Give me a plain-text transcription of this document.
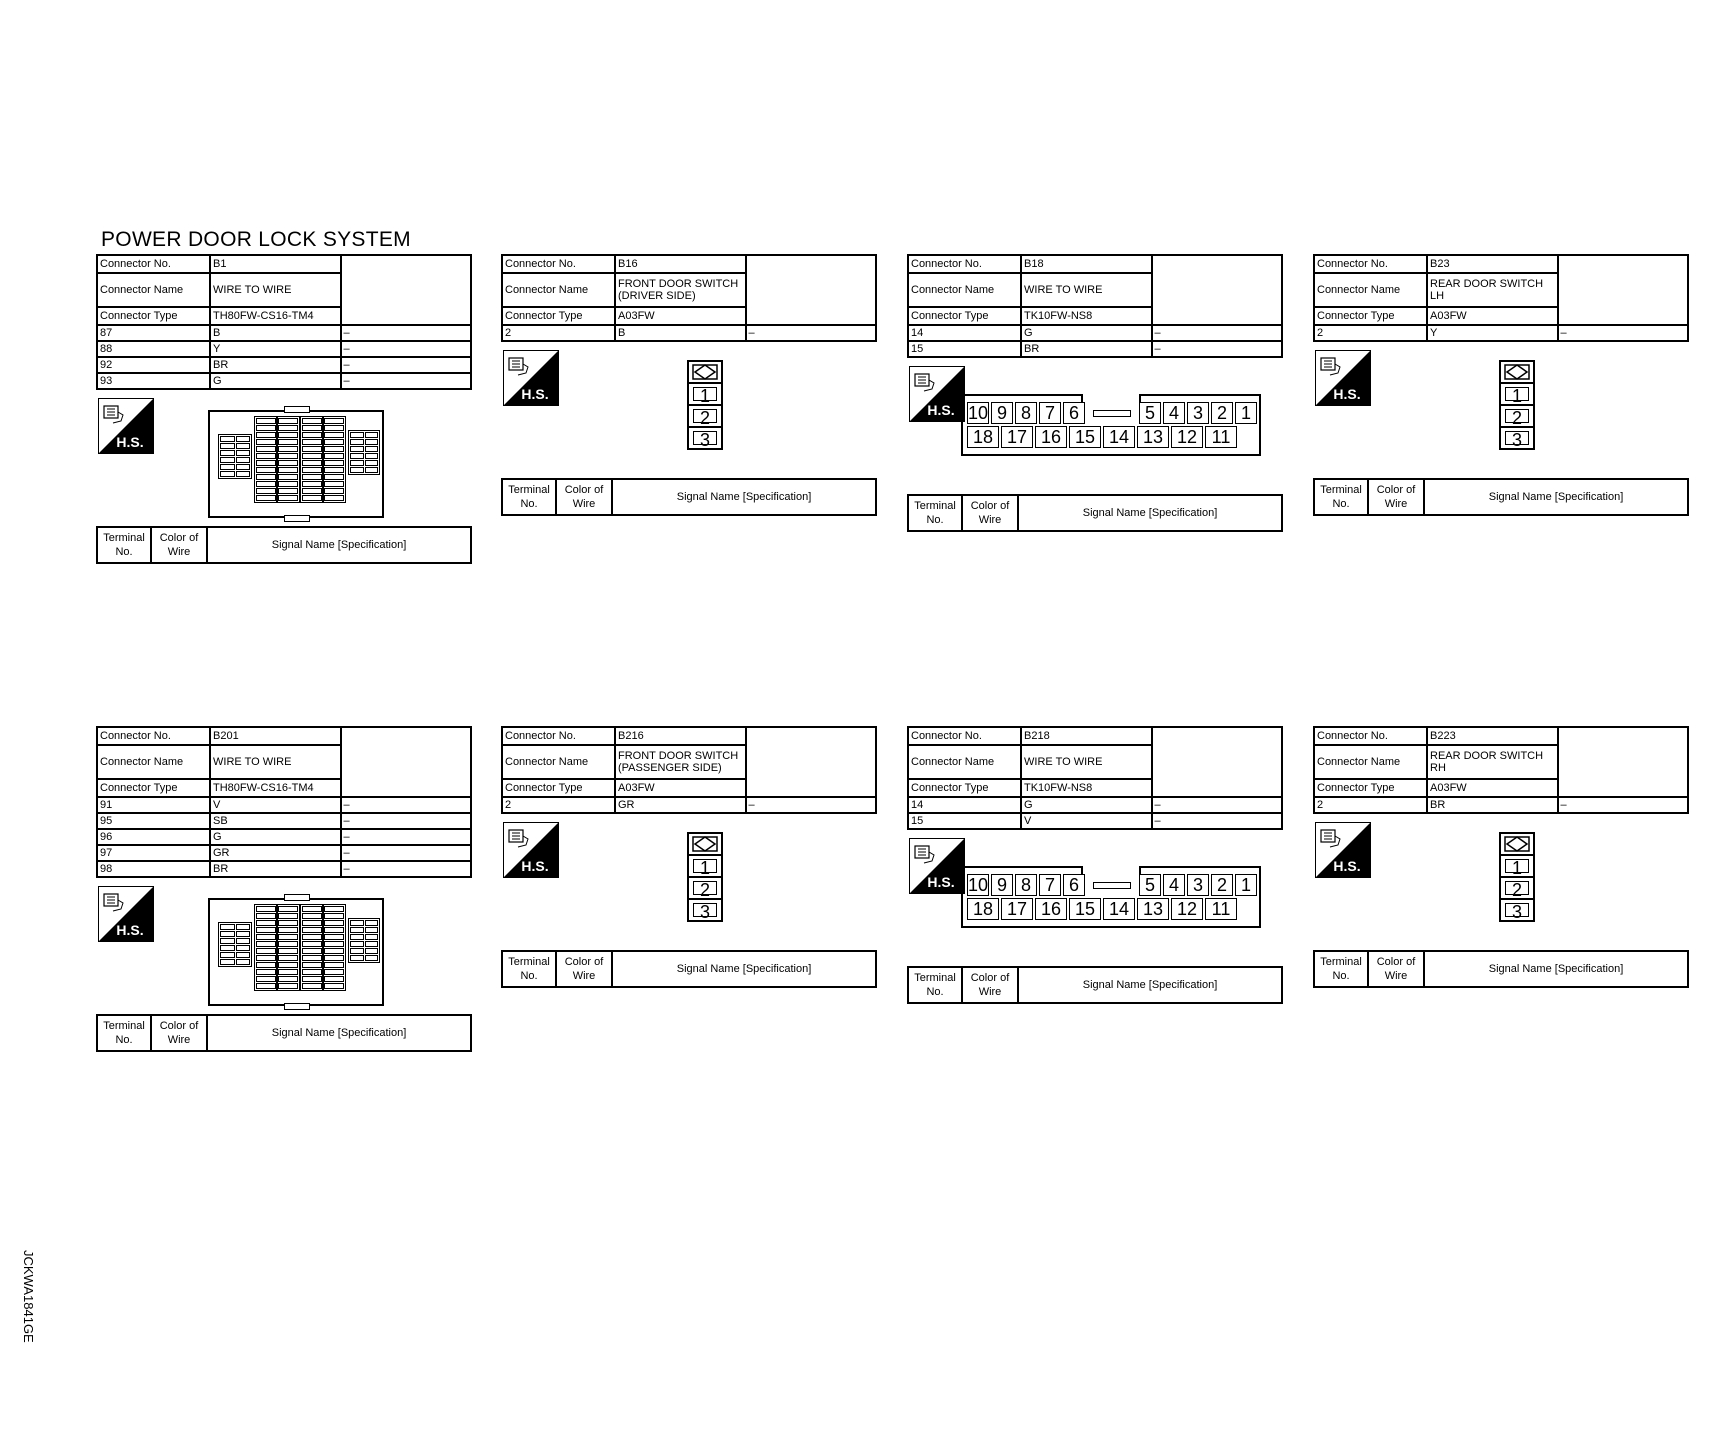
POWER DOOR LOCK SYSTEM
JCKWA1841GE
Connector No.	B1	
Connector Name	WIRE TO WIRE	
Connector Type	TH80FW-CS16-TM4	
87	B	–
88	Y	–
92	BR	–
93	G	–
H.S.
Terminal No.	Color of Wire	Signal Name [Specification]
Connector No.	B16	
Connector Name	FRONT DOOR SWITCH (DRIVER SIDE)	
Connector Type	A03FW	
2	B	–
H.S.	1
2
3
Terminal No.	Color of Wire	Signal Name [Specification]
Connector No.	B18	
Connector Name	WIRE TO WIRE	
Connector Type	TK10FW-NS8	
14	G	–
15	BR	–
H.S. 10 9 8 7 6	5 4 3 2 1
18 17 16 15 14 13 12 11
Terminal No.	Color of Wire	Signal Name [Specification]
Connector No.	B23	
Connector Name	REAR DOOR SWITCH LH	
Connector Type	A03FW	
2	Y	–
H.S.	1
2
3
Terminal No.	Color of Wire	Signal Name [Specification]
Connector No.	B201	
Connector Name	WIRE TO WIRE	
Connector Type	TH80FW-CS16-TM4	
91	V	–
95	SB	–
96	G	–
97	GR	–
98	BR	–
H.S.
Terminal No.	Color of Wire	Signal Name [Specification]
Connector No.	B216	
Connector Name	FRONT DOOR SWITCH (PASSENGER SIDE)	
Connector Type	A03FW	
2	GR	–
H.S.	1
2
3
Terminal No.	Color of Wire	Signal Name [Specification]
Connector No.	B218	
Connector Name	WIRE TO WIRE	
Connector Type	TK10FW-NS8	
14	G	–
15	V	–
H.S. 10 9 8 7 6	5 4 3 2 1
18 17 16 15 14 13 12 11
Terminal No.	Color of Wire	Signal Name [Specification]
Connector No.	B223	
Connector Name	REAR DOOR SWITCH RH	
Connector Type	A03FW	
2	BR	–
H.S.	1
2
3
Terminal No.	Color of Wire	Signal Name [Specification]
